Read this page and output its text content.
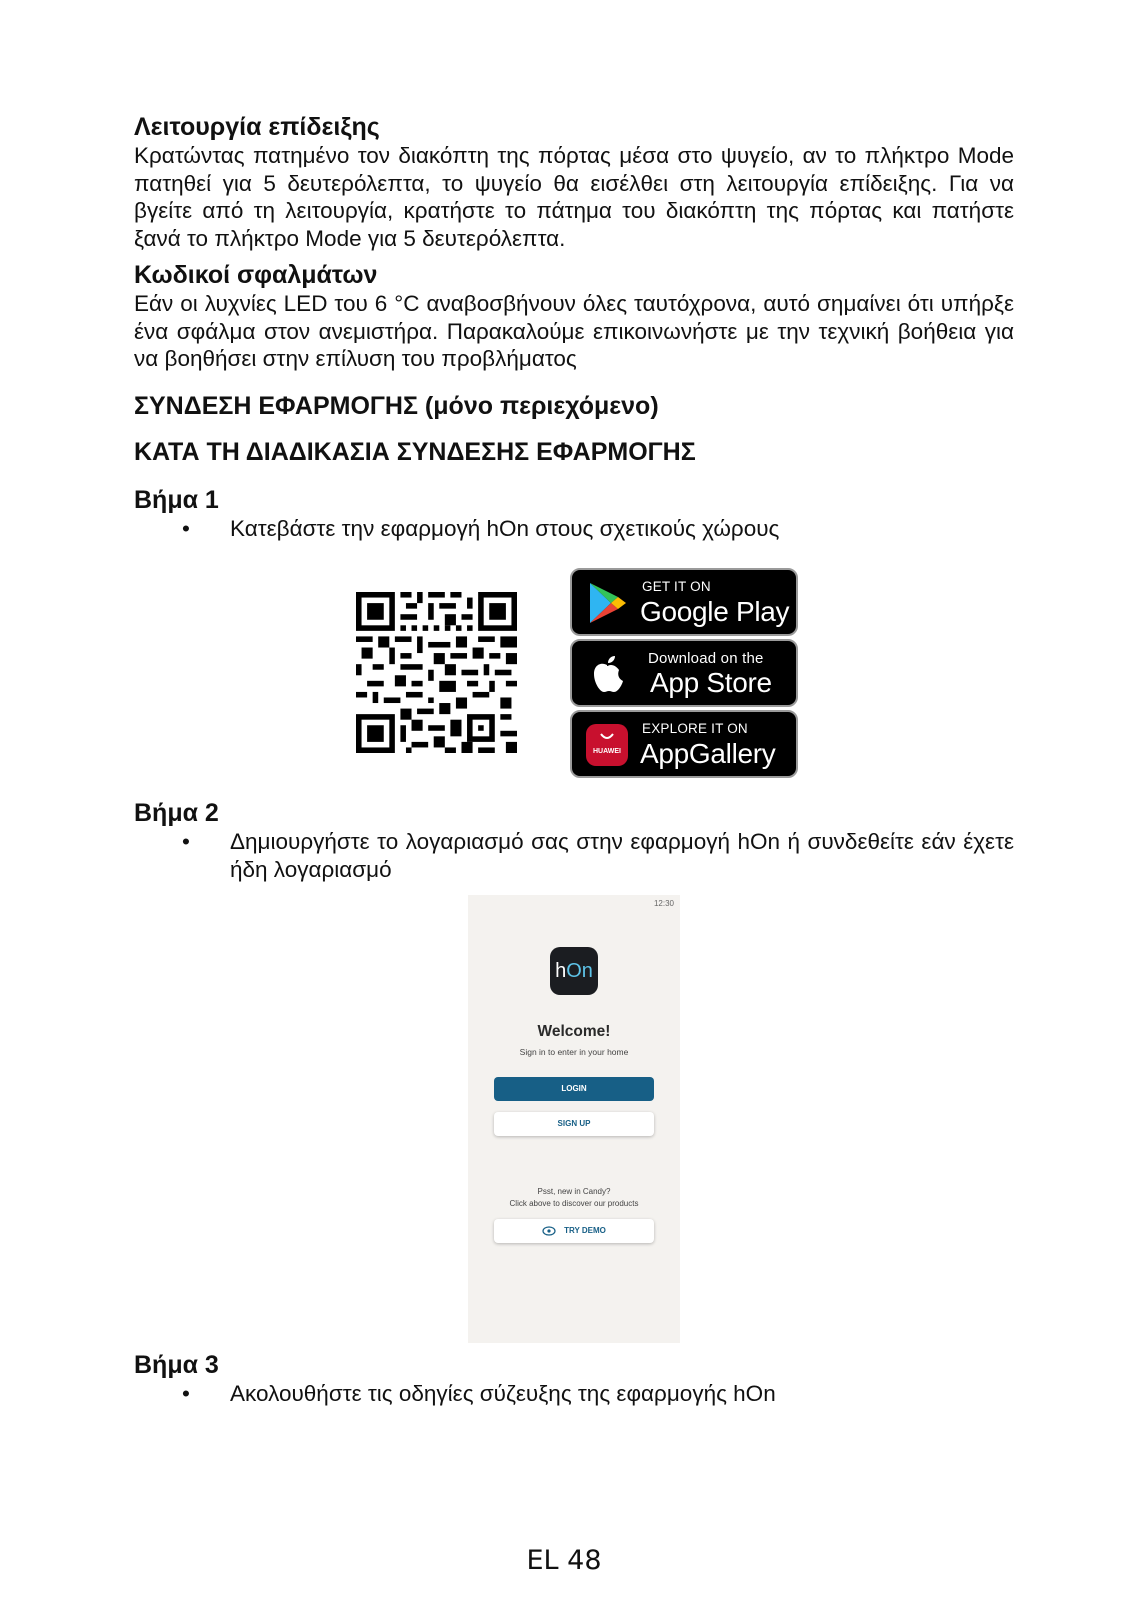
Λειτουργία επίδειξης

Κρατώντας πατημένο τον διακόπτη της πόρτας μέσα στο ψυγείο, αν το πλήκτρο Mode πατηθεί για 5 δευτερόλεπτα, το ψυγείο θα εισέλθει στη λειτουργία επίδειξης. Για να βγείτε από τη λειτουργία, κρατήστε το πάτημα του διακόπτη της πόρτας και πατήστε ξανά το πλήκτρο Mode για 5 δευτερόλεπτα.

Κωδικοί σφαλμάτων

Εάν οι λυχνίες LED του 6 °C αναβοσβήνουν όλες ταυτόχρονα, αυτό σημαίνει ότι υπήρξε ένα σφάλμα στον ανεμιστήρα. Παρακαλούμε επικοινωνήστε με την τεχνική βοήθεια για να βοηθήσει στην επίλυση του προβλήματος

ΣΥΝΔΕΣΗ ΕΦΑΡΜΟΓΗΣ (μόνο περιεχόμενο)
ΚΑΤΑ ΤΗ ΔΙΑΔΙΚΑΣΙΑ ΣΥΝΔΕΣΗΣ ΕΦΑΡΜΟΓΗΣ
Βήμα 1

• Κατεβάστε την εφαρμογή hOn στους σχετικούς χώρους

GET IT ON
Google Play
Download on the
App Store
HUAWEI
EXPLORE IT ON
AppGallery
Βήμα 2

• Δημιουργήστε το λογαριασμό σας στην εφαρμογή hOn ή συνδεθείτε εάν έχετε ήδη λογαριασμό

12:30
hOn
Welcome!
Sign in to enter in your home
LOGIN
SIGN UP
Psst, new in Candy?
Click above to discover our products
TRY DEMO
Βήμα 3

• Ακολουθήστε τις οδηγίες σύζευξης της εφαρμογής hOn

EL 48
